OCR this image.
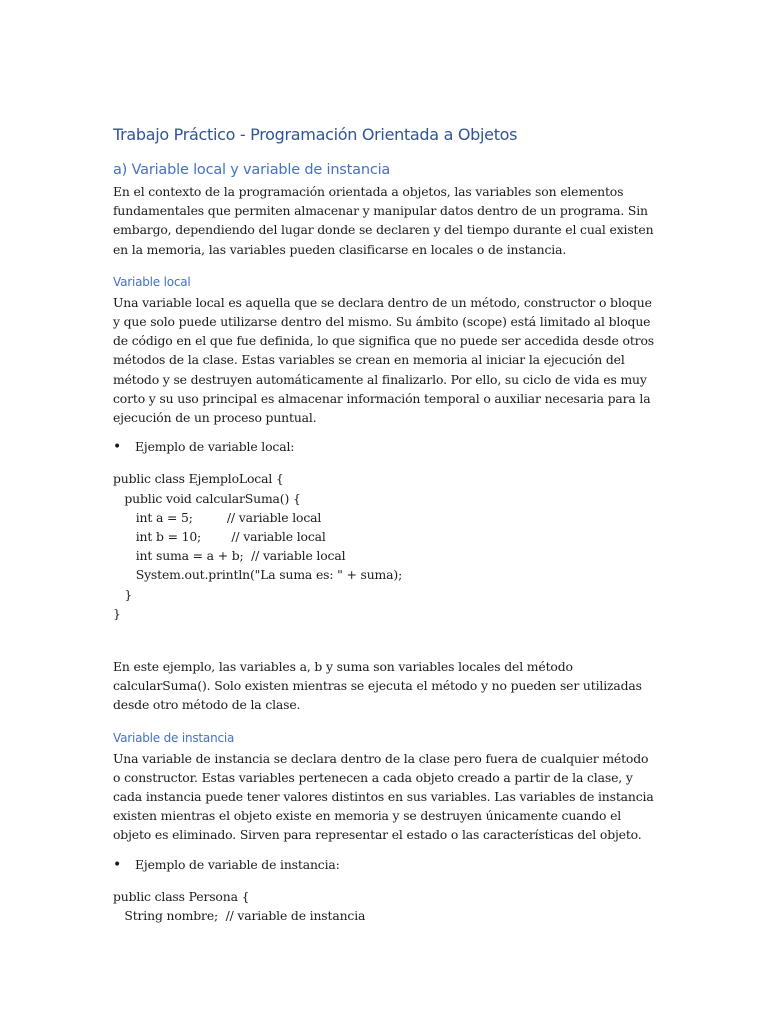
Trabajo Práctico - Programación Orientada a Objetos
a) Variable local y variable de instancia

En el contexto de la programación orientada a objetos, las variables son elementos fundamentales que permiten almacenar y manipular datos dentro de un programa. Sin embargo, dependiendo del lugar donde se declaren y del tiempo durante el cual existen en la memoria, las variables pueden clasificarse en locales o de instancia.

Variable local

Una variable local es aquella que se declara dentro de un método, constructor o bloque y que solo puede utilizarse dentro del mismo. Su ámbito (scope) está limitado al bloque de código en el que fue definida, lo que significa que no puede ser accedida desde otros métodos de la clase. Estas variables se crean en memoria al iniciar la ejecución del método y se destruyen automáticamente al finalizarlo. Por ello, su ciclo de vida es muy corto y su uso principal es almacenar información temporal o auxiliar necesaria para la ejecución de un proceso puntual.

•	Ejemplo de variable local:
public class EjemploLocal {
public void calcularSuma() {
int a = 5;         // variable local
int b = 10;        // variable local
int suma = a + b;  // variable local
System.out.println("La suma es: " + suma);
}
}

En este ejemplo, las variables a, b y suma son variables locales del método calcularSuma(). Solo existen mientras se ejecuta el método y no pueden ser utilizadas desde otro método de la clase.

Variable de instancia

Una variable de instancia se declara dentro de la clase pero fuera de cualquier método o constructor. Estas variables pertenecen a cada objeto creado a partir de la clase, y cada instancia puede tener valores distintos en sus variables. Las variables de instancia existen mientras el objeto existe en memoria y se destruyen únicamente cuando el objeto es eliminado. Sirven para representar el estado o las características del objeto.

•	Ejemplo de variable de instancia:
public class Persona {
String nombre;  // variable de instancia
